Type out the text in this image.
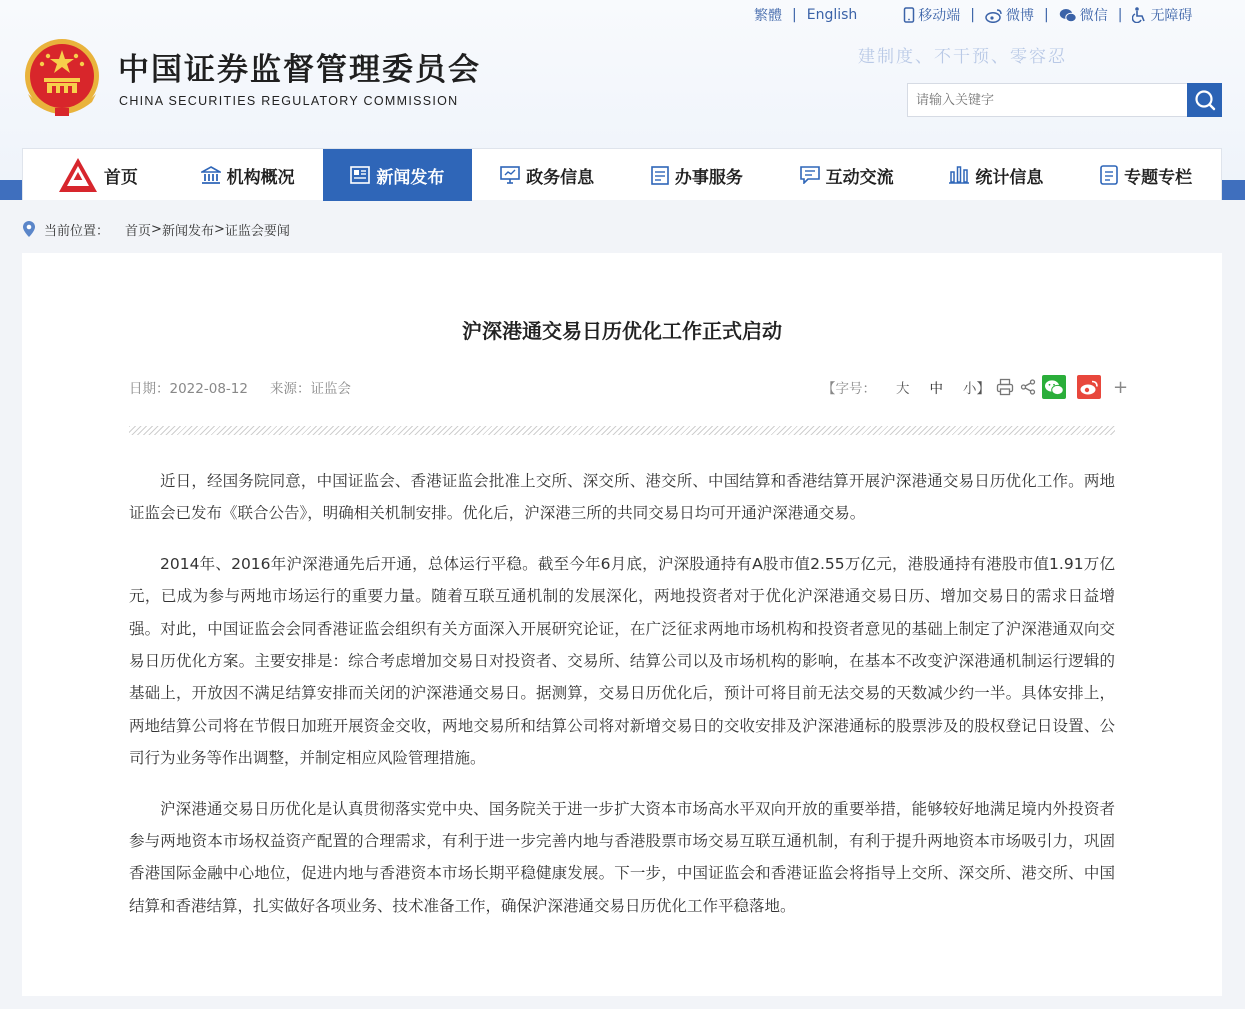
中国证券监督管理委员会
CHINA SECURITIES REGULATORY COMMISSION
繁體 | English	移动端 | 微博 | 微信 | 无障碍
建制度、不干预、零容忍
请输入关键字
首页	机构概况	新闻发布	政务信息	办事服务	互动交流	统计信息	专题专栏
当前位置： 首页 > 新闻发布 > 证监会要闻
沪深港通交易日历优化工作正式启动
日期：2022-08-12 来源：证监会	【字号： 大 中 小】	+

近日，经国务院同意，中国证监会、香港证监会批准上交所、深交所、港交所、中国结算和香港结算开展沪深港通交易日历优化工作。两地证监会已发布《联合公告》，明确相关机制安排。优化后，沪深港三所的共同交易日均可开通沪深港通交易。

2014年、2016年沪深港通先后开通，总体运行平稳。截至今年6月底，沪深股通持有A股市值2.55万亿元，港股通持有港股市值1.91万亿元，已成为参与两地市场运行的重要力量。随着互联互通机制的发展深化，两地投资者对于优化沪深港通交易日历、增加交易日的需求日益增强。对此，中国证监会会同香港证监会组织有关方面深入开展研究论证，在广泛征求两地市场机构和投资者意见的基础上制定了沪深港通双向交易日历优化方案。主要安排是：综合考虑增加交易日对投资者、交易所、结算公司以及市场机构的影响，在基本不改变沪深港通机制运行逻辑的基础上，开放因不满足结算安排而关闭的沪深港通交易日。据测算，交易日历优化后，预计可将目前无法交易的天数减少约一半。具体安排上，两地结算公司将在节假日加班开展资金交收，两地交易所和结算公司将对新增交易日的交收安排及沪深港通标的股票涉及的股权登记日设置、公司行为业务等作出调整，并制定相应风险管理措施。

沪深港通交易日历优化是认真贯彻落实党中央、国务院关于进一步扩大资本市场高水平双向开放的重要举措，能够较好地满足境内外投资者参与两地资本市场权益资产配置的合理需求，有利于进一步完善内地与香港股票市场交易互联互通机制，有利于提升两地资本市场吸引力，巩固香港国际金融中心地位，促进内地与香港资本市场长期平稳健康发展。下一步，中国证监会和香港证监会将指导上交所、深交所、港交所、中国结算和香港结算，扎实做好各项业务、技术准备工作，确保沪深港通交易日历优化工作平稳落地。
